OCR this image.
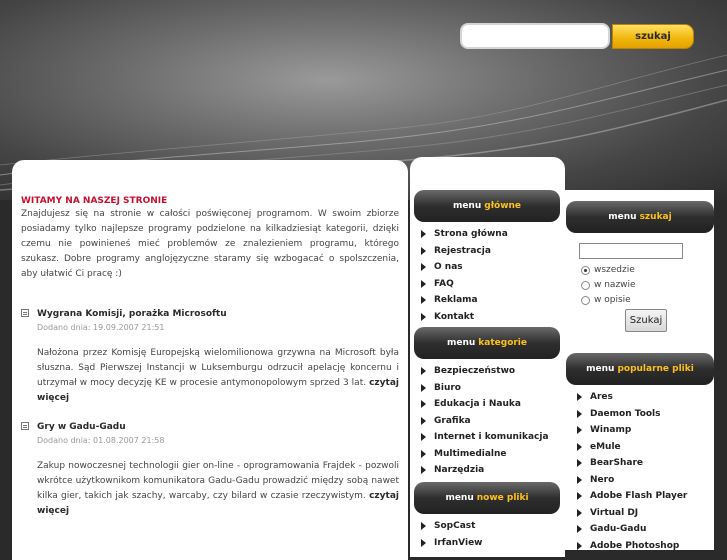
szukaj
WITAMY NA NASZEJ STRONIE
Znajdujesz się na stronie w całości poświęconej programom. W swoim zbiorze posiadamy tylko najlepsze programy podzielone na kilkadziesiąt kategorii, dzięki czemu nie powinieneś mieć problemów ze znalezieniem programu, którego szukasz. Dobre programy anglojęzyczne staramy się wzbogacać o spolszczenia, aby ułatwić Ci pracę :)
Wygrana Komisji, porażka Microsoftu
Dodano dnia: 19.09.2007 21:51
Nałożona przez Komisję Europejską wielomilionowa grzywna na Microsoft była słuszna. Sąd Pierwszej Instancji w Luksemburgu odrzucił apelację koncernu i utrzymał w mocy decyzję KE w procesie antymonopolowym sprzed 3 lat. czytaj więcej
Gry w Gadu-Gadu
Dodano dnia: 01.08.2007 21:58
Zakup nowoczesnej technologii gier on-line - oprogramowania Frajdek - pozwoli wkrótce użytkownikom komunikatora Gadu-Gadu prowadzić między sobą nawet kilka gier, takich jak szachy, warcaby, czy bilard w czasie rzeczywistym. czytaj więcej
menu główne
Strona główna
Rejestracja
O nas
FAQ
Reklama
Kontakt
menu kategorie
Bezpieczeństwo
Biuro
Edukacja i Nauka
Grafika
Internet i komunikacja
Multimedialne
Narzędzia
menu nowe pliki
SopCast
IrfanView
menu szukaj
wszedzie
w nazwie
w opisie
Szukaj
menu popularne pliki
Ares
Daemon Tools
Winamp
eMule
BearShare
Nero
Adobe Flash Player
Virtual DJ
Gadu-Gadu
Adobe Photoshop
